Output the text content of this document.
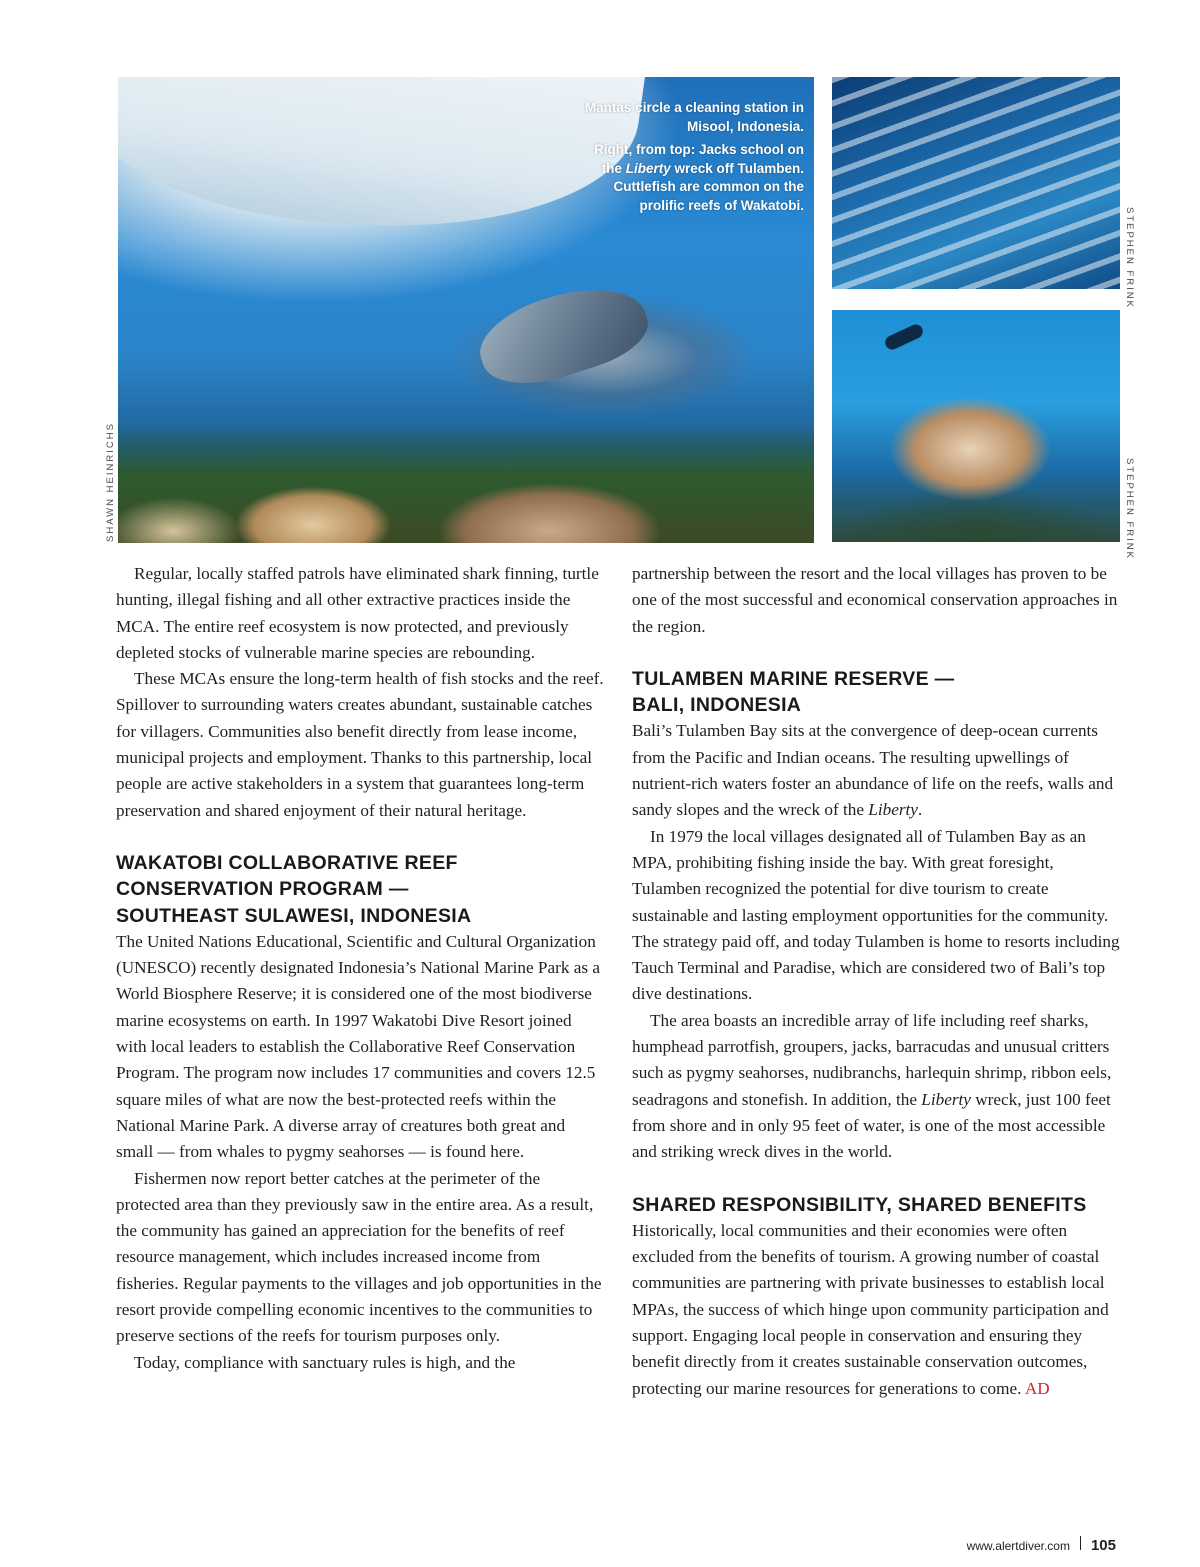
Mantas circle a cleaning station in Misool, Indonesia.

Right, from top: Jacks school on the Liberty wreck off Tulamben. Cuttlefish are common on the prolific reefs of Wakatobi.

SHAWN HEINRICHS
STEPHEN FRINK
STEPHEN FRINK

Regular, locally staffed patrols have eliminated shark finning, turtle hunting, illegal fishing and all other extractive practices inside the MCA. The entire reef ecosystem is now protected, and previously depleted stocks of vulnerable marine species are rebounding.

These MCAs ensure the long-term health of fish stocks and the reef. Spillover to surrounding waters creates abundant, sustainable catches for villagers. Communities also benefit directly from lease income, municipal projects and employment. Thanks to this partnership, local people are active stakeholders in a system that guarantees long-term preservation and shared enjoyment of their natural heritage.

WAKATOBI COLLABORATIVE REEF
CONSERVATION PROGRAM —
SOUTHEAST SULAWESI, INDONESIA

The United Nations Educational, Scientific and Cultural Organization (UNESCO) recently designated Indonesia’s National Marine Park as a World Biosphere Reserve; it is considered one of the most biodiverse marine ecosystems on earth. In 1997 Wakatobi Dive Resort joined with local leaders to establish the Collaborative Reef Conservation Program. The program now includes 17 communities and covers 12.5 square miles of what are now the best-protected reefs within the National Marine Park. A diverse array of creatures both great and small — from whales to pygmy seahorses — is found here.

Fishermen now report better catches at the perimeter of the protected area than they previously saw in the entire area. As a result, the community has gained an appreciation for the benefits of reef resource management, which includes increased income from fisheries. Regular payments to the villages and job opportunities in the resort provide compelling economic incentives to the communities to preserve sections of the reefs for tourism purposes only.

Today, compliance with sanctuary rules is high, and the

partnership between the resort and the local villages has proven to be one of the most successful and economical conservation approaches in the region.

TULAMBEN MARINE RESERVE —
BALI, INDONESIA

Bali’s Tulamben Bay sits at the convergence of deep-ocean currents from the Pacific and Indian oceans. The resulting upwellings of nutrient-rich waters foster an abundance of life on the reefs, walls and sandy slopes and the wreck of the Liberty.

In 1979 the local villages designated all of Tulamben Bay as an MPA, prohibiting fishing inside the bay. With great foresight, Tulamben recognized the potential for dive tourism to create sustainable and lasting employment opportunities for the community. The strategy paid off, and today Tulamben is home to resorts including Tauch Terminal and Paradise, which are considered two of Bali’s top dive destinations.

The area boasts an incredible array of life including reef sharks, humphead parrotfish, groupers, jacks, barracudas and unusual critters such as pygmy seahorses, nudibranchs, harlequin shrimp, ribbon eels, seadragons and stonefish. In addition, the Liberty wreck, just 100 feet from shore and in only 95 feet of water, is one of the most accessible and striking wreck dives in the world.

SHARED RESPONSIBILITY, SHARED BENEFITS

Historically, local communities and their economies were often excluded from the benefits of tourism. A growing number of coastal communities are partnering with private businesses to establish local MPAs, the success of which hinge upon community participation and support. Engaging local people in conservation and ensuring they benefit directly from it creates sustainable conservation outcomes, protecting our marine resources for generations to come. AD

www.alertdiver.com 105
